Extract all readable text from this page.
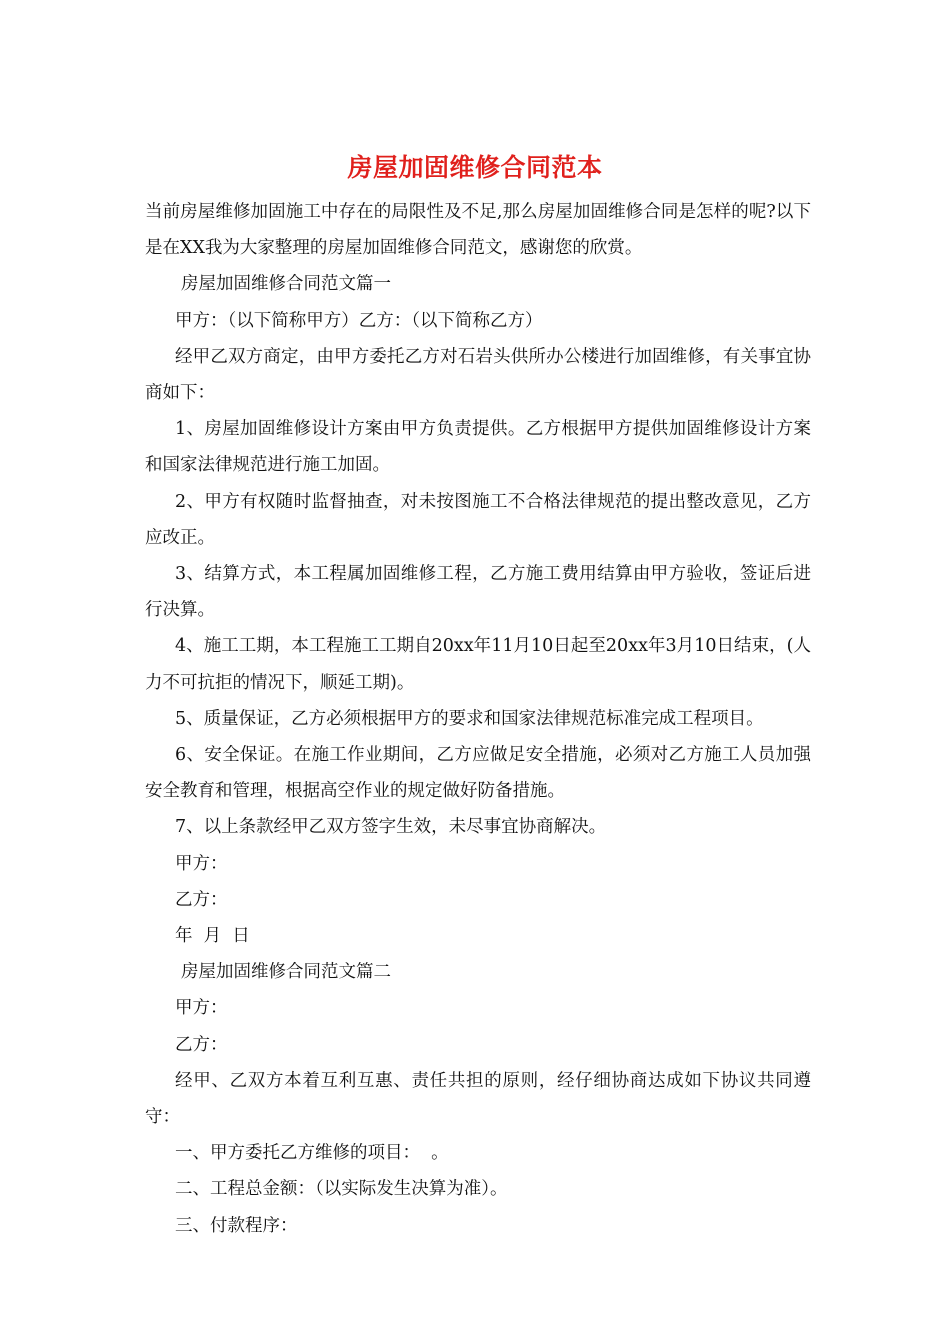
房屋加固维修合同范本

当前房屋维修加固施工中存在的局限性及不足,那么房屋加固维修合同是怎样的呢?以下是在XX我为大家整理的房屋加固维修合同范文，感谢您的欣赏。

房屋加固维修合同范文篇一

甲方：（以下简称甲方）乙方：（以下简称乙方）

经甲乙双方商定，由甲方委托乙方对石岩头供所办公楼进行加固维修，有关事宜协商如下：

1、房屋加固维修设计方案由甲方负责提供。乙方根据甲方提供加固维修设计方案和国家法律规范进行施工加固。

2、甲方有权随时监督抽查，对未按图施工不合格法律规范的提出整改意见，乙方应改正。

3、结算方式，本工程属加固维修工程，乙方施工费用结算由甲方验收，签证后进行决算。

4、施工工期，本工程施工工期自20xx年11月10日起至20xx年3月10日结束，(人力不可抗拒的情况下，顺延工期)。

5、质量保证，乙方必须根据甲方的要求和国家法律规范标准完成工程项目。

6、安全保证。在施工作业期间，乙方应做足安全措施，必须对乙方施工人员加强安全教育和管理，根据高空作业的规定做好防备措施。

7、以上条款经甲乙双方签字生效，未尽事宜协商解决。

甲方：

乙方：

年  月  日

房屋加固维修合同范文篇二

甲方：

乙方：

经甲、乙双方本着互利互惠、责任共担的原则，经仔细协商达成如下协议共同遵守：

一、甲方委托乙方维修的项目：  。

二、工程总金额：（以实际发生决算为准）。

三、付款程序：
